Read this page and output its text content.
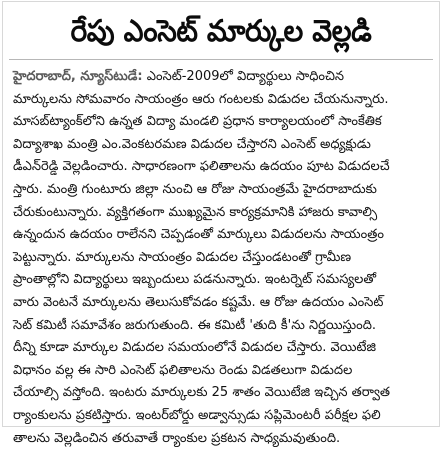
రేపు ఎంసెట్ మార్కుల వెల్లడి
హైదరాబాద్, న్యూస్‌టుడే: ఎంసెట్-2009లో విద్యార్థులు సాధించిన
మార్కులను సోమవారం సాయంత్రం ఆరు గంటలకు విడుదల చేయనున్నారు.
మాసబ్‌ట్యాంక్‌లోని ఉన్నత విద్యా మండలి ప్రధాన కార్యాలయంలో సాంకేతిక
విద్యాశాఖ మంత్రి ఎం.వెంకటరమణ విడుదల చేస్తారని ఎంసెట్ అధ్యక్షుడు
డీఎన్‌రెడ్డి వెల్లడించారు. సాధారణంగా ఫలితాలను ఉదయం పూట విడుదలచే
స్తారు. మంత్రి గుంటూరు జిల్లా నుంచి ఆ రోజు సాయంత్రమే హైదరాబాదుకు
చేరుకుంటున్నారు. వ్యక్తిగతంగా ముఖ్యమైన కార్యక్రమానికి హాజరు కావాల్సి
ఉన్నందున ఉదయం రాలేనని చెప్పడంతో మార్కులు విడుదలను సాయంత్రం
పెట్టున్నారు. మార్కులను సాయంత్రం విడుదల చేస్తుండటంతో గ్రామీణ
ప్రాంతాల్లోని విద్యార్థులు ఇబ్బందులు పడనున్నారు. ఇంటర్నెట్ సమస్యలతో
వారు వెంటనే మార్కులను తెలుసుకోవడం కష్టమే. ఆ రోజు ఉదయం ఎంసెట్
సెట్ కమిటీ సమావేశం జరుగుతుంది. ఈ కమిటీ 'తుది కీ'ను నిర్ణయిస్తుంది.
దీన్ని కూడా మార్కుల విడుదల సమయంలోనే విడుదల చేస్తారు. వెయిటేజి
విధానం వల్ల ఈ సారి ఎంసెట్ ఫలితాలను రెండు విడతలుగా విడుదల
చేయాల్సి వస్తోంది. ఇంటరు మార్కులకు 25 శాతం వెయిటేజి ఇచ్చిన తర్వాత
ర్యాంకులను ప్రకటిస్తారు. ఇంటర్‌బోర్డు అడ్వాన్సుడు సప్లిమెంటరీ పరీక్షల ఫలి
తాలను వెల్లడించిన తరువాతే ర్యాంకుల ప్రకటన సాధ్యమవుతుంది.
